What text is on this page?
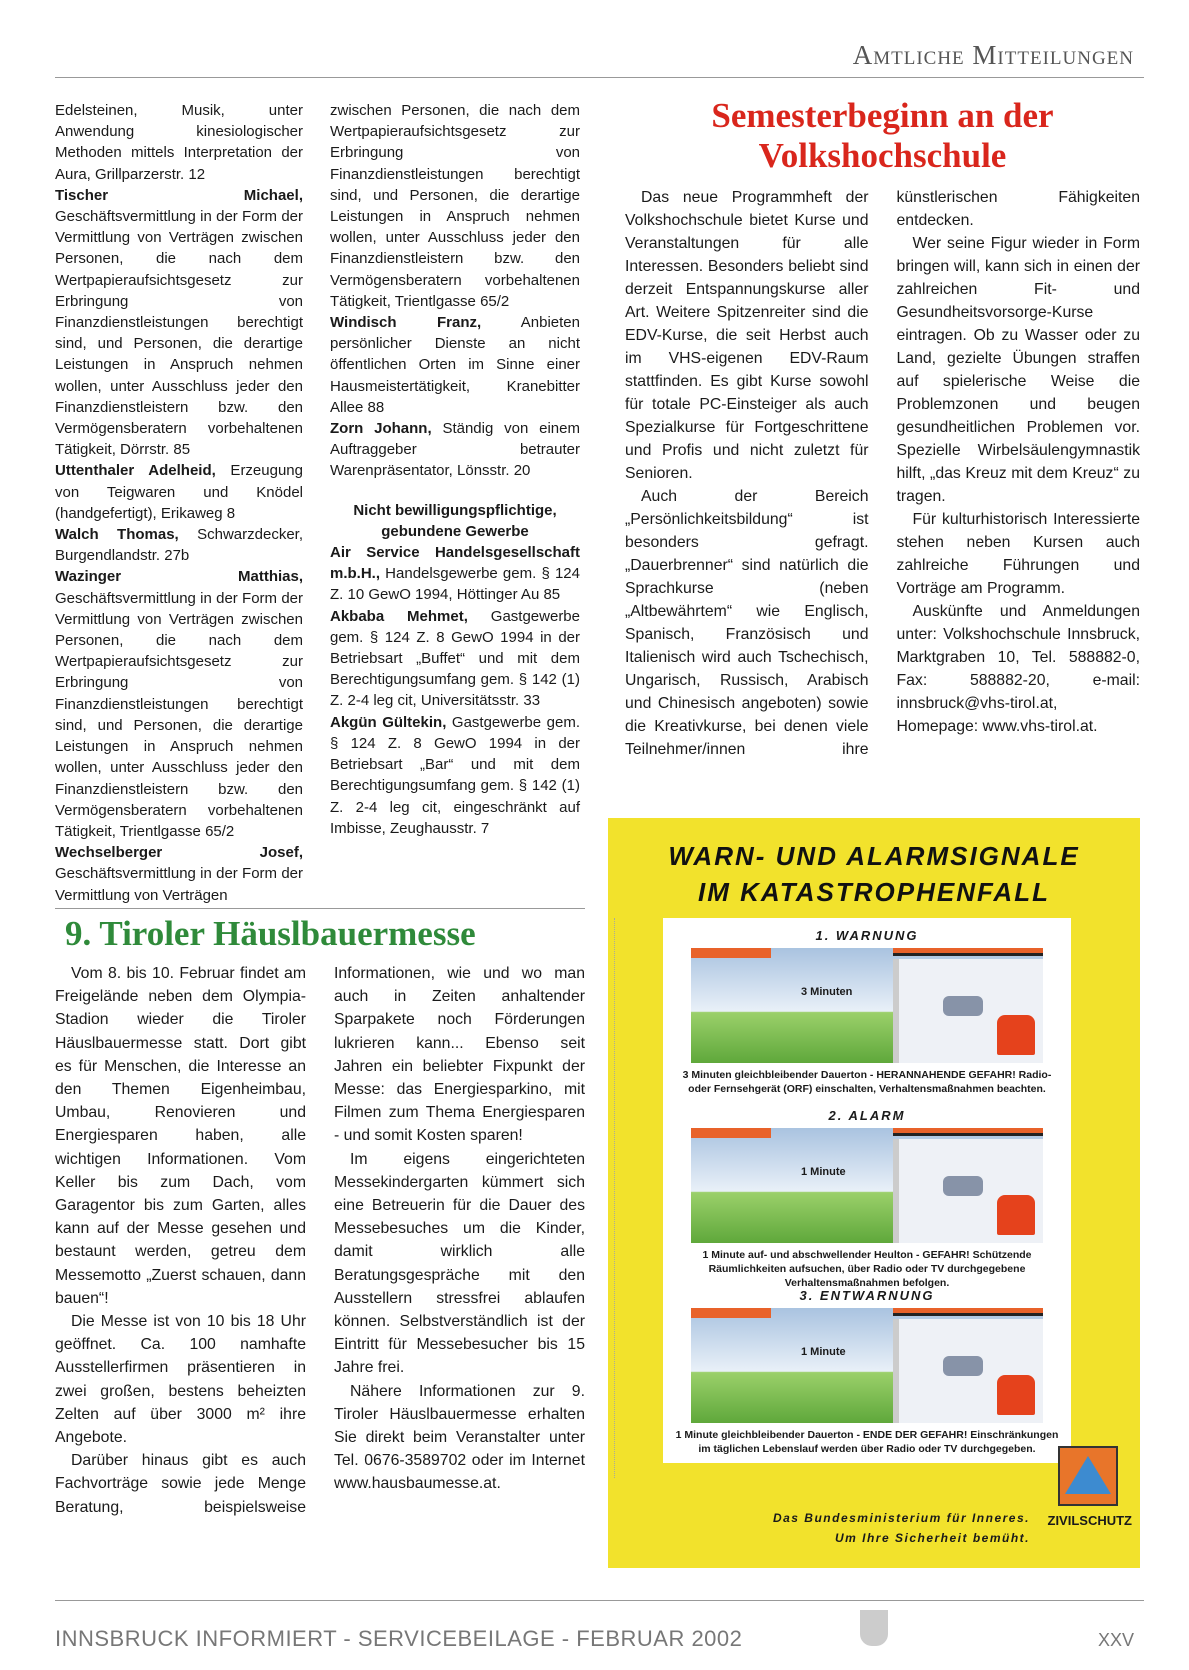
Amtliche Mitteilungen

Edelsteinen, Musik, unter Anwendung kinesiologischer Methoden mittels Interpretation der Aura, Grillparzerstr. 12

Tischer Michael, Geschäftsvermittlung in der Form der Vermittlung von Verträgen zwischen Personen, die nach dem Wertpapieraufsichtsgesetz zur Erbringung von Finanzdienstleistungen berechtigt sind, und Personen, die derartige Leistungen in Anspruch nehmen wollen, unter Ausschluss jeder den Finanzdienstleistern bzw. den Vermögensberatern vorbehaltenen Tätigkeit, Dörrstr. 85

Uttenthaler Adelheid, Erzeugung von Teigwaren und Knödel (handgefertigt), Erikaweg 8

Walch Thomas, Schwarzdecker, Burgendlandstr. 27b

Wazinger Matthias, Geschäftsvermittlung in der Form der Vermittlung von Verträgen zwischen Personen, die nach dem Wertpapieraufsichtsgesetz zur Erbringung von Finanzdienstleistungen berechtigt sind, und Personen, die derartige Leistungen in Anspruch nehmen wollen, unter Ausschluss jeder den Finanzdienstleistern bzw. den Vermögensberatern vorbehaltenen Tätigkeit, Trientlgasse 65/2

Wechselberger Josef, Geschäftsvermittlung in der Form der Vermittlung von Verträgen

zwischen Personen, die nach dem Wertpapieraufsichtsgesetz zur Erbringung von Finanzdienstleistungen berechtigt sind, und Personen, die derartige Leistungen in Anspruch nehmen wollen, unter Ausschluss jeder den Finanzdienstleistern bzw. den Vermögensberatern vorbehaltenen Tätigkeit, Trientlgasse 65/2

Windisch Franz, Anbieten persönlicher Dienste an nicht öffentlichen Orten im Sinne einer Hausmeistertätigkeit, Kranebitter Allee 88

Zorn Johann, Ständig von einem Auftraggeber betrauter Warenpräsentator, Lönsstr. 20

Nicht bewilligungspflichtige, gebundene Gewerbe

Air Service Handelsgesellschaft m.b.H., Handelsgewerbe gem. § 124 Z. 10 GewO 1994, Höttinger Au 85

Akbaba Mehmet, Gastgewerbe gem. § 124 Z. 8 GewO 1994 in der Betriebsart „Buffet“ und mit dem Berechtigungsumfang gem. § 142 (1) Z. 2-4 leg cit, Universitätsstr. 33

Akgün Gültekin, Gastgewerbe gem. § 124 Z. 8 GewO 1994 in der Betriebsart „Bar“ und mit dem Berechtigungsumfang gem. § 142 (1) Z. 2-4 leg cit, eingeschränkt auf Imbisse, Zeughausstr. 7

Semesterbeginn an der Volkshochschule

Das neue Programmheft der Volkshochschule bietet Kurse und Veranstaltungen für alle Interessen. Besonders beliebt sind derzeit Entspannungskurse aller Art. Weitere Spitzenreiter sind die EDV-Kurse, die seit Herbst auch im VHS-eigenen EDV-Raum stattfinden. Es gibt Kurse sowohl für totale PC-Einsteiger als auch Spezialkurse für Fortgeschrittene und Profis und nicht zuletzt für Senioren.

Auch der Bereich „Persönlichkeitsbildung“ ist besonders gefragt. „Dauerbrenner“ sind natürlich die Sprachkurse (neben „Altbewährtem“ wie Englisch, Spanisch, Französisch und Italienisch wird auch Tschechisch, Ungarisch, Russisch, Arabisch und Chinesisch angeboten) sowie die Kreativkurse, bei denen viele Teilnehmer/innen ihre künstlerischen Fähigkeiten entdecken.

Wer seine Figur wieder in Form bringen will, kann sich in einen der zahlreichen Fit- und Gesundheitsvorsorge-Kurse eintragen. Ob zu Wasser oder zu Land, gezielte Übungen straffen auf spielerische Weise die Problemzonen und beugen gesundheitlichen Problemen vor. Spezielle Wirbelsäulengymnastik hilft, „das Kreuz mit dem Kreuz“ zu tragen.

Für kulturhistorisch Interessierte stehen neben Kursen auch zahlreiche Führungen und Vorträge am Programm.

Auskünfte und Anmeldungen unter: Volkshochschule Innsbruck, Marktgraben 10, Tel. 588882-0, Fax: 588882-20, e-mail: innsbruck@vhs-tirol.at, Homepage: www.vhs-tirol.at.

9. Tiroler Häuslbauermesse

Vom 8. bis 10. Februar findet am Freigelände neben dem Olympia-Stadion wieder die Tiroler Häuslbauermesse statt. Dort gibt es für Menschen, die Interesse an den Themen Eigenheimbau, Umbau, Renovieren und Energiesparen haben, alle wichtigen Informationen. Vom Keller bis zum Dach, vom Garagentor bis zum Garten, alles kann auf der Messe gesehen und bestaunt werden, getreu dem Messemotto „Zuerst schauen, dann bauen“!

Die Messe ist von 10 bis 18 Uhr geöffnet. Ca. 100 namhafte Ausstellerfirmen präsentieren in zwei großen, bestens beheizten Zelten auf über 3000 m² ihre Angebote.

Darüber hinaus gibt es auch Fachvorträge sowie jede Menge Beratung, beispielsweise Informationen, wie und wo man auch in Zeiten anhaltender Sparpakete noch Förderungen lukrieren kann... Ebenso seit Jahren ein beliebter Fixpunkt der Messe: das Energiesparkino, mit Filmen zum Thema Energiesparen - und somit Kosten sparen!

Im eigens eingerichteten Messekindergarten kümmert sich eine Betreuerin für die Dauer des Messebesuches um die Kinder, damit wirklich alle Beratungsgespräche mit den Ausstellern stressfrei ablaufen können. Selbstverständlich ist der Eintritt für Messebesucher bis 15 Jahre frei.

Nähere Informationen zur 9. Tiroler Häuslbauermesse erhalten Sie direkt beim Veranstalter unter Tel. 0676-3589702 oder im Internet www.hausbaumesse.at.

WARN- UND ALARMSIGNALE
IM KATASTROPHENFALL
1. WARNUNG
3 Minuten
3 Minuten gleichbleibender Dauerton - HERANNAHENDE GEFAHR! Radio- oder Fernsehgerät (ORF) einschalten, Verhaltensmaßnahmen beachten.
2. ALARM
1 Minute
1 Minute auf- und abschwellender Heulton - GEFAHR! Schützende Räumlichkeiten aufsuchen, über Radio oder TV durchgegebene Verhaltensmaßnahmen befolgen.
3. ENTWARNUNG
1 Minute
1 Minute gleichbleibender Dauerton - ENDE DER GEFAHR! Einschränkungen im täglichen Lebenslauf werden über Radio oder TV durchgegeben.
Das Bundesministerium für Inneres.
Um Ihre Sicherheit bemüht.
ZIVILSCHUTZ
INNSBRUCK INFORMIERT - SERVICEBEILAGE - FEBRUAR 2002	XXV
